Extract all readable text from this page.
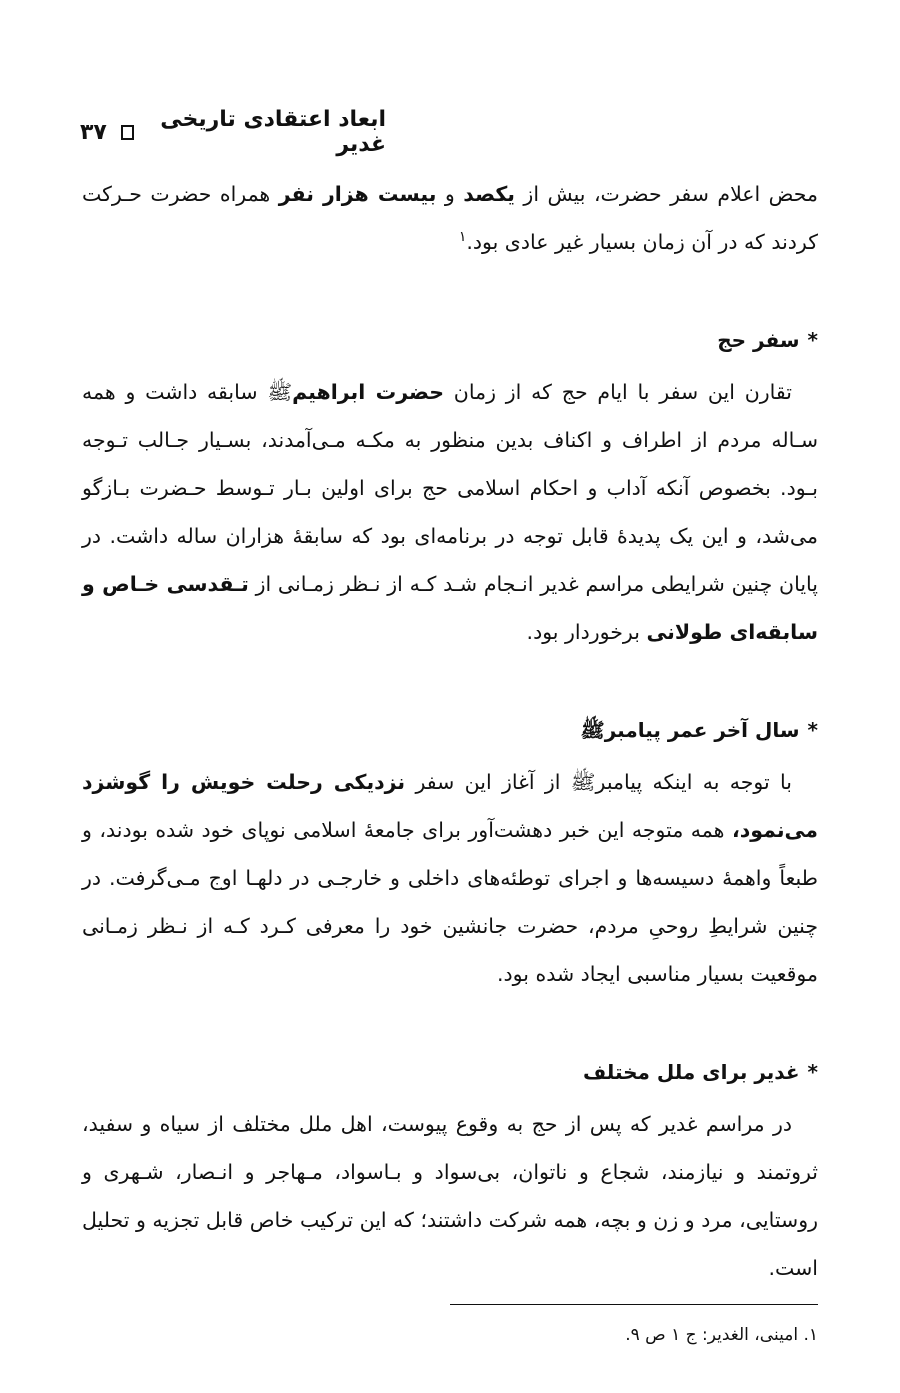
ابعاد اعتقادی تاریخی غدیر
۳۷

محض اعلام سفر حضرت، بیش از یکصد و بیست هزار نفر همراه حضرت حـرکت کردند که در آن زمان بسیار غیر عادی بود.$^۱$

*سفر حج

تقارن این سفر با ایام حج که از زمان حضرت ابراهیمﷺ سابقه داشت و همه سـاله مردم از اطراف و اکناف بدین منظور به مکـه مـی‌آمدند، بسـیار جـالب تـوجه بـود. بخصوص آنکه آداب و احکام اسلامی حج برای اولین بـار تـوسط حـضرت بـازگو می‌شد، و این یک پدیدهٔ قابل توجه در برنامه‌ای بود که سابقهٔ هزاران ساله داشت. در پایان چنین شرایطی مراسم غدیر انـجام شـد کـه از نـظر زمـانی از تـقدسی خـاص و سابقه‌ای طولانی برخوردار بود.

*سال آخر عمر پیامبرﷺ

با توجه به اینکه پیامبرﷺ از آغاز این سفر نزدیکی رحلت خویش را گوشزد می‌نمود، همه متوجه این خبر دهشت‌آور برای جامعهٔ اسلامی نوپای خود شده بودند، و طبعاً واهمهٔ دسیسه‌ها و اجرای توطئه‌های داخلی و خارجـی در دلهـا اوج مـی‌گرفت. در چنین شرایطِ روحیِ مردم، حضرت جانشین خود را معرفی کـرد کـه از نـظر زمـانی موقعیت بسیار مناسبی ایجاد شده بود.

*غدیر برای ملل مختلف

در مراسم غدیر که پس از حج به وقوع پیوست، اهل ملل مختلف از سیاه و سفید، ثروتمند و نیازمند، شجاع و ناتوان، بی‌سواد و بـاسواد، مـهاجر و انـصار، شـهری و روستایی، مرد و زن و بچه، همه شرکت داشتند؛ که این ترکیب خاص قابل تجزیه و تحلیل است.

۱. امینی، الغدیر: ج ۱ ص ۹.
